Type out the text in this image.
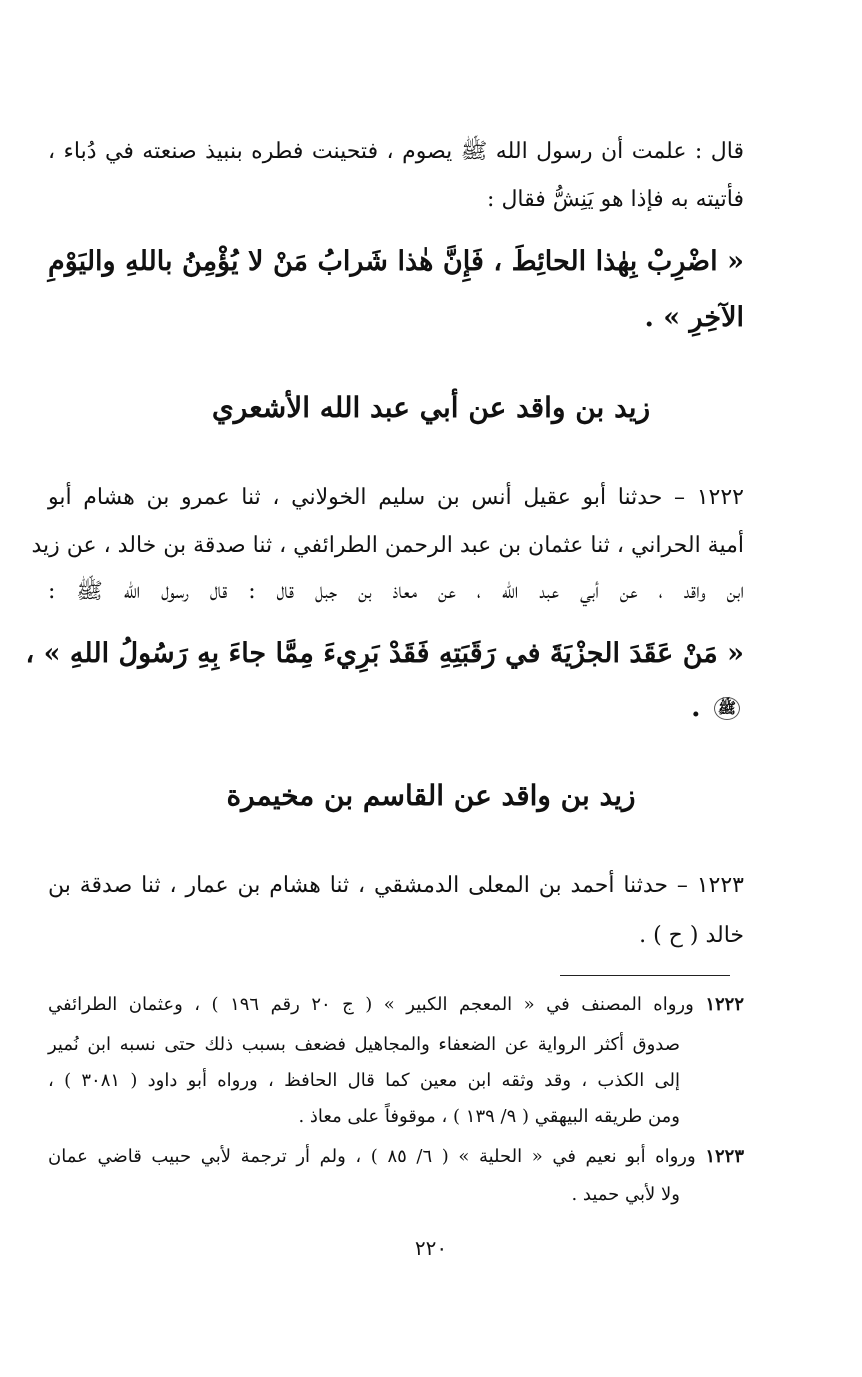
قال : علمت أن رسول الله ﷺ يصوم ، فتحينت فطره بنبيذ صنعته في دُباء ،
فأتيته به فإذا هو يَنِشُّ فقال :
« اضْرِبْ بِهٰذا الحائِطَ ، فَإِنَّ هٰذا شَرابُ مَنْ لا يُؤْمِنُ باللهِ واليَوْمِ
الآخِرِ » .
زيد بن واقد عن أبي عبد الله الأشعري
١٢٢٢ – حدثنا أبو عقيل أنس بن سليم الخولاني ، ثنا عمرو بن هشام أبو
أمية الحراني ، ثنا عثمان بن عبد الرحمن الطرائفي ، ثنا صدقة بن خالد ، عن زيد
ابن واقد ، عن أبي عبد الله ، عن معاذ بن جبل قال : قال رسول الله ﷺ :
« مَنْ عَقَدَ الجزْيَةَ في رَقَبَتِهِ فَقَدْ بَرِيءَ مِمَّا جاءَ بِهِ رَسُولُ اللهِ » ،
ﷺ .
زيد بن واقد عن القاسم بن مخيمرة
١٢٢٣ – حدثنا أحمد بن المعلى الدمشقي ، ثنا هشام بن عمار ، ثنا صدقة بن
خالد ( ح ) .
١٢٢٢ ورواه المصنف في « المعجم الكبير » ( ج ٢٠ رقم ١٩٦ ) ، وعثمان الطرائفي
صدوق أكثر الرواية عن الضعفاء والمجاهيل فضعف بسبب ذلك حتى نسبه ابن نُمير
إلى الكذب ، وقد وثقه ابن معين كما قال الحافظ ، ورواه أبو داود ( ٣٠٨١ ) ،
ومن طريقه البيهقي ( ٩/ ١٣٩ ) ، موقوفاً على معاذ .
١٢٢٣ ورواه أبو نعيم في « الحلية » ( ٦/ ٨٥ ) ، ولم أر ترجمة لأبي حبيب قاضي عمان
ولا لأبي حميد .
٢٢٠
